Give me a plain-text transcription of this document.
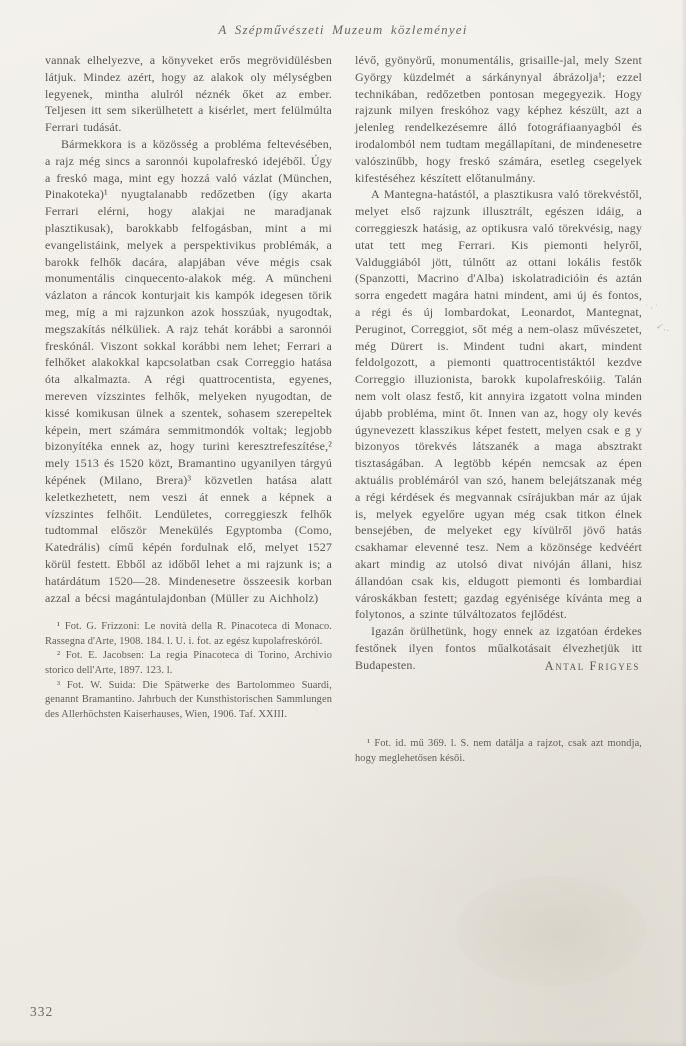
A Szépművészeti Muzeum közleményei

vannak elhelyezve, a könyveket erős megrövidülésben látjuk. Mindez azért, hogy az alakok oly mélységben legyenek, mintha alulról néznék őket az ember. Teljesen itt sem sikerülhetett a kisérlet, mert felülmúlta Ferrari tudását.

Bármekkora is a közösség a probléma feltevésében, a rajz még sincs a saronnói kupolafreskó idejéből. Úgy a freskó maga, mint egy hozzá való vázlat (München, Pinakoteka)¹ nyugtalanabb redőzetben (így akarta Ferrari elérni, hogy alakjai ne maradjanak plasztikusak), barokkabb felfogásban, mint a mi evangelistáink, melyek a perspektivikus problémák, a barokk felhők dacára, alapjában véve mégis csak monumentális cinquecento-alakok még. A müncheni vázlaton a ráncok konturjait kis kampók idegesen törik meg, míg a mi rajzunkon azok hosszúak, nyugodtak, megszakítás nélküliek. A rajz tehát korábbi a saronnói freskónál. Viszont sokkal korábbi nem lehet; Ferrari a felhőket alakokkal kapcsolatban csak Correggio hatása óta alkalmazta. A régi quattrocentista, egyenes, mereven vízszintes felhők, melyeken nyugodtan, de kissé komikusan ülnek a szentek, sohasem szerepeltek képein, mert számára semmitmondók voltak; legjobb bizonyítéka ennek az, hogy turini keresztrefeszítése,² mely 1513 és 1520 közt, Bramantino ugyanilyen tárgyú képének (Milano, Brera)³ közvetlen hatása alatt keletkezhetett, nem veszi át ennek a képnek a vízszintes felhőit. Lendületes, correggieszk felhők tudtommal először Menekülés Egyptomba (Como, Katedrális) című képén fordulnak elő, melyet 1527 körül festett. Ebből az időből lehet a mi rajzunk is; a határdátum 1520—28. Mindenesetre összeesik korban azzal a bécsi magántulajdonban (Müller zu Aichholz)

¹ Fot. G. Frizzoni: Le novità della R. Pinacoteca di Monaco. Rassegna d'Arte, 1908. 184. l. U. i. fot. az egész kupolafreskóról.

² Fot. E. Jacobsen: La regia Pinacoteca di Torino, Archivio storico dell'Arte, 1897. 123. l.

³ Fot. W. Suida: Die Spätwerke des Bartolommeo Suardi, genannt Bramantino. Jahrbuch der Kunsthistorischen Sammlungen des Allerhöchsten Kaiserhauses, Wien, 1906. Taf. XXIII.

lévő, gyönyörű, monumentális, grisaille-jal, mely Szent György küzdelmét a sárkánynyal ábrázolja¹; ezzel technikában, redőzetben pontosan megegyezik. Hogy rajzunk milyen freskóhoz vagy képhez készült, azt a jelenleg rendelkezésemre álló fotográfiaanyagból és irodalomból nem tudtam megállapítani, de mindenesetre valószinűbb, hogy freskó számára, esetleg csegelyek kifestéséhez készített előtanulmány.

A Mantegna-hatástól, a plasztikusra való törekvéstől, melyet első rajzunk illusztrált, egészen idáig, a correggieszk hatásig, az optikusra való törekvésig, nagy utat tett meg Ferrari. Kis piemonti helyről, Valduggiából jött, túlnőtt az ottani lokális festők (Spanzotti, Macrino d'Alba) iskolatradicióin és aztán sorra engedett magára hatni mindent, ami új és fontos, a régi és új lombardokat, Leonardot, Mantegnat, Peruginot, Correggiot, sőt még a nem-olasz művészetet, még Dürert is. Mindent tudni akart, mindent feldolgozott, a piemonti quattrocentistáktól kezdve Correggio illuzionista, barokk kupolafreskóiig. Talán nem volt olasz festő, kit annyira izgatott volna minden újabb probléma, mint őt. Innen van az, hogy oly kevés úgynevezett klasszikus képet festett, melyen csak e g y bizonyos törekvés látszanék a maga absztrakt tisztaságában. A legtöbb képén nemcsak az épen aktuális problémáról van szó, hanem belejátszanak még a régi kérdések és megvannak csírájukban már az újak is, melyek egyelőre ugyan még csak titkon élnek bensejében, de melyeket egy kívülről jövő hatás csakhamar elevenné tesz. Nem a közönsége kedvéért akart mindig az utolsó divat nivóján állani, hisz állandóan csak kis, eldugott piemonti és lombardiai városkákban festett; gazdag egyénisége kívánta meg a folytonos, a szinte túlváltozatos fejlődést.

Igazán örülhetünk, hogy ennek az izgatóan érdekes festőnek ilyen fontos műalkotásait élvezhetjük itt Budapesten.	Antal Frigyes

¹ Fot. id. mű 369. l. S. nem datálja a rajzot, csak azt mondja, hogy meglehetősen késői.

332
·‚·
✓‥
